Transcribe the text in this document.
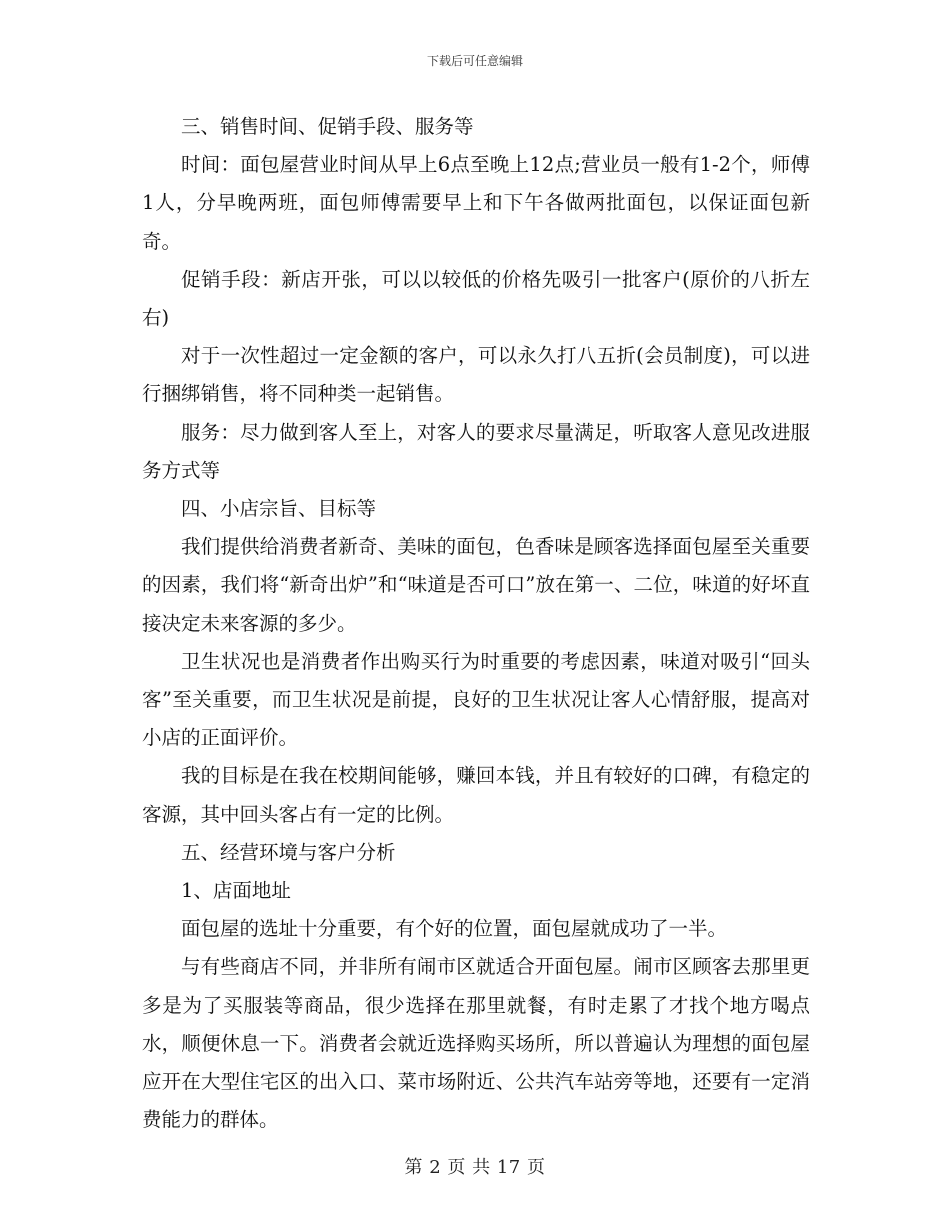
下载后可任意编辑

三、销售时间、促销手段、服务等

时间：面包屋营业时间从早上6点至晚上12点;营业员一般有1-2个，师傅1人，分早晚两班，面包师傅需要早上和下午各做两批面包，以保证面包新奇。

促销手段：新店开张，可以以较低的价格先吸引一批客户(原价的八折左右)

对于一次性超过一定金额的客户，可以永久打八五折(会员制度)，可以进行捆绑销售，将不同种类一起销售。

服务：尽力做到客人至上，对客人的要求尽量满足，听取客人意见改进服务方式等

四、小店宗旨、目标等

我们提供给消费者新奇、美味的面包，色香味是顾客选择面包屋至关重要的因素，我们将“新奇出炉”和“味道是否可口”放在第一、二位，味道的好坏直接决定未来客源的多少。

卫生状况也是消费者作出购买行为时重要的考虑因素，味道对吸引“回头客”至关重要，而卫生状况是前提，良好的卫生状况让客人心情舒服，提高对小店的正面评价。

我的目标是在我在校期间能够，赚回本钱，并且有较好的口碑，有稳定的客源，其中回头客占有一定的比例。

五、经营环境与客户分析

1、店面地址

面包屋的选址十分重要，有个好的位置，面包屋就成功了一半。

与有些商店不同，并非所有闹市区就适合开面包屋。闹市区顾客去那里更多是为了买服装等商品，很少选择在那里就餐，有时走累了才找个地方喝点水，顺便休息一下。消费者会就近选择购买场所，所以普遍认为理想的面包屋应开在大型住宅区的出入口、菜市场附近、公共汽车站旁等地，还要有一定消费能力的群体。

第 2 页 共 17 页
